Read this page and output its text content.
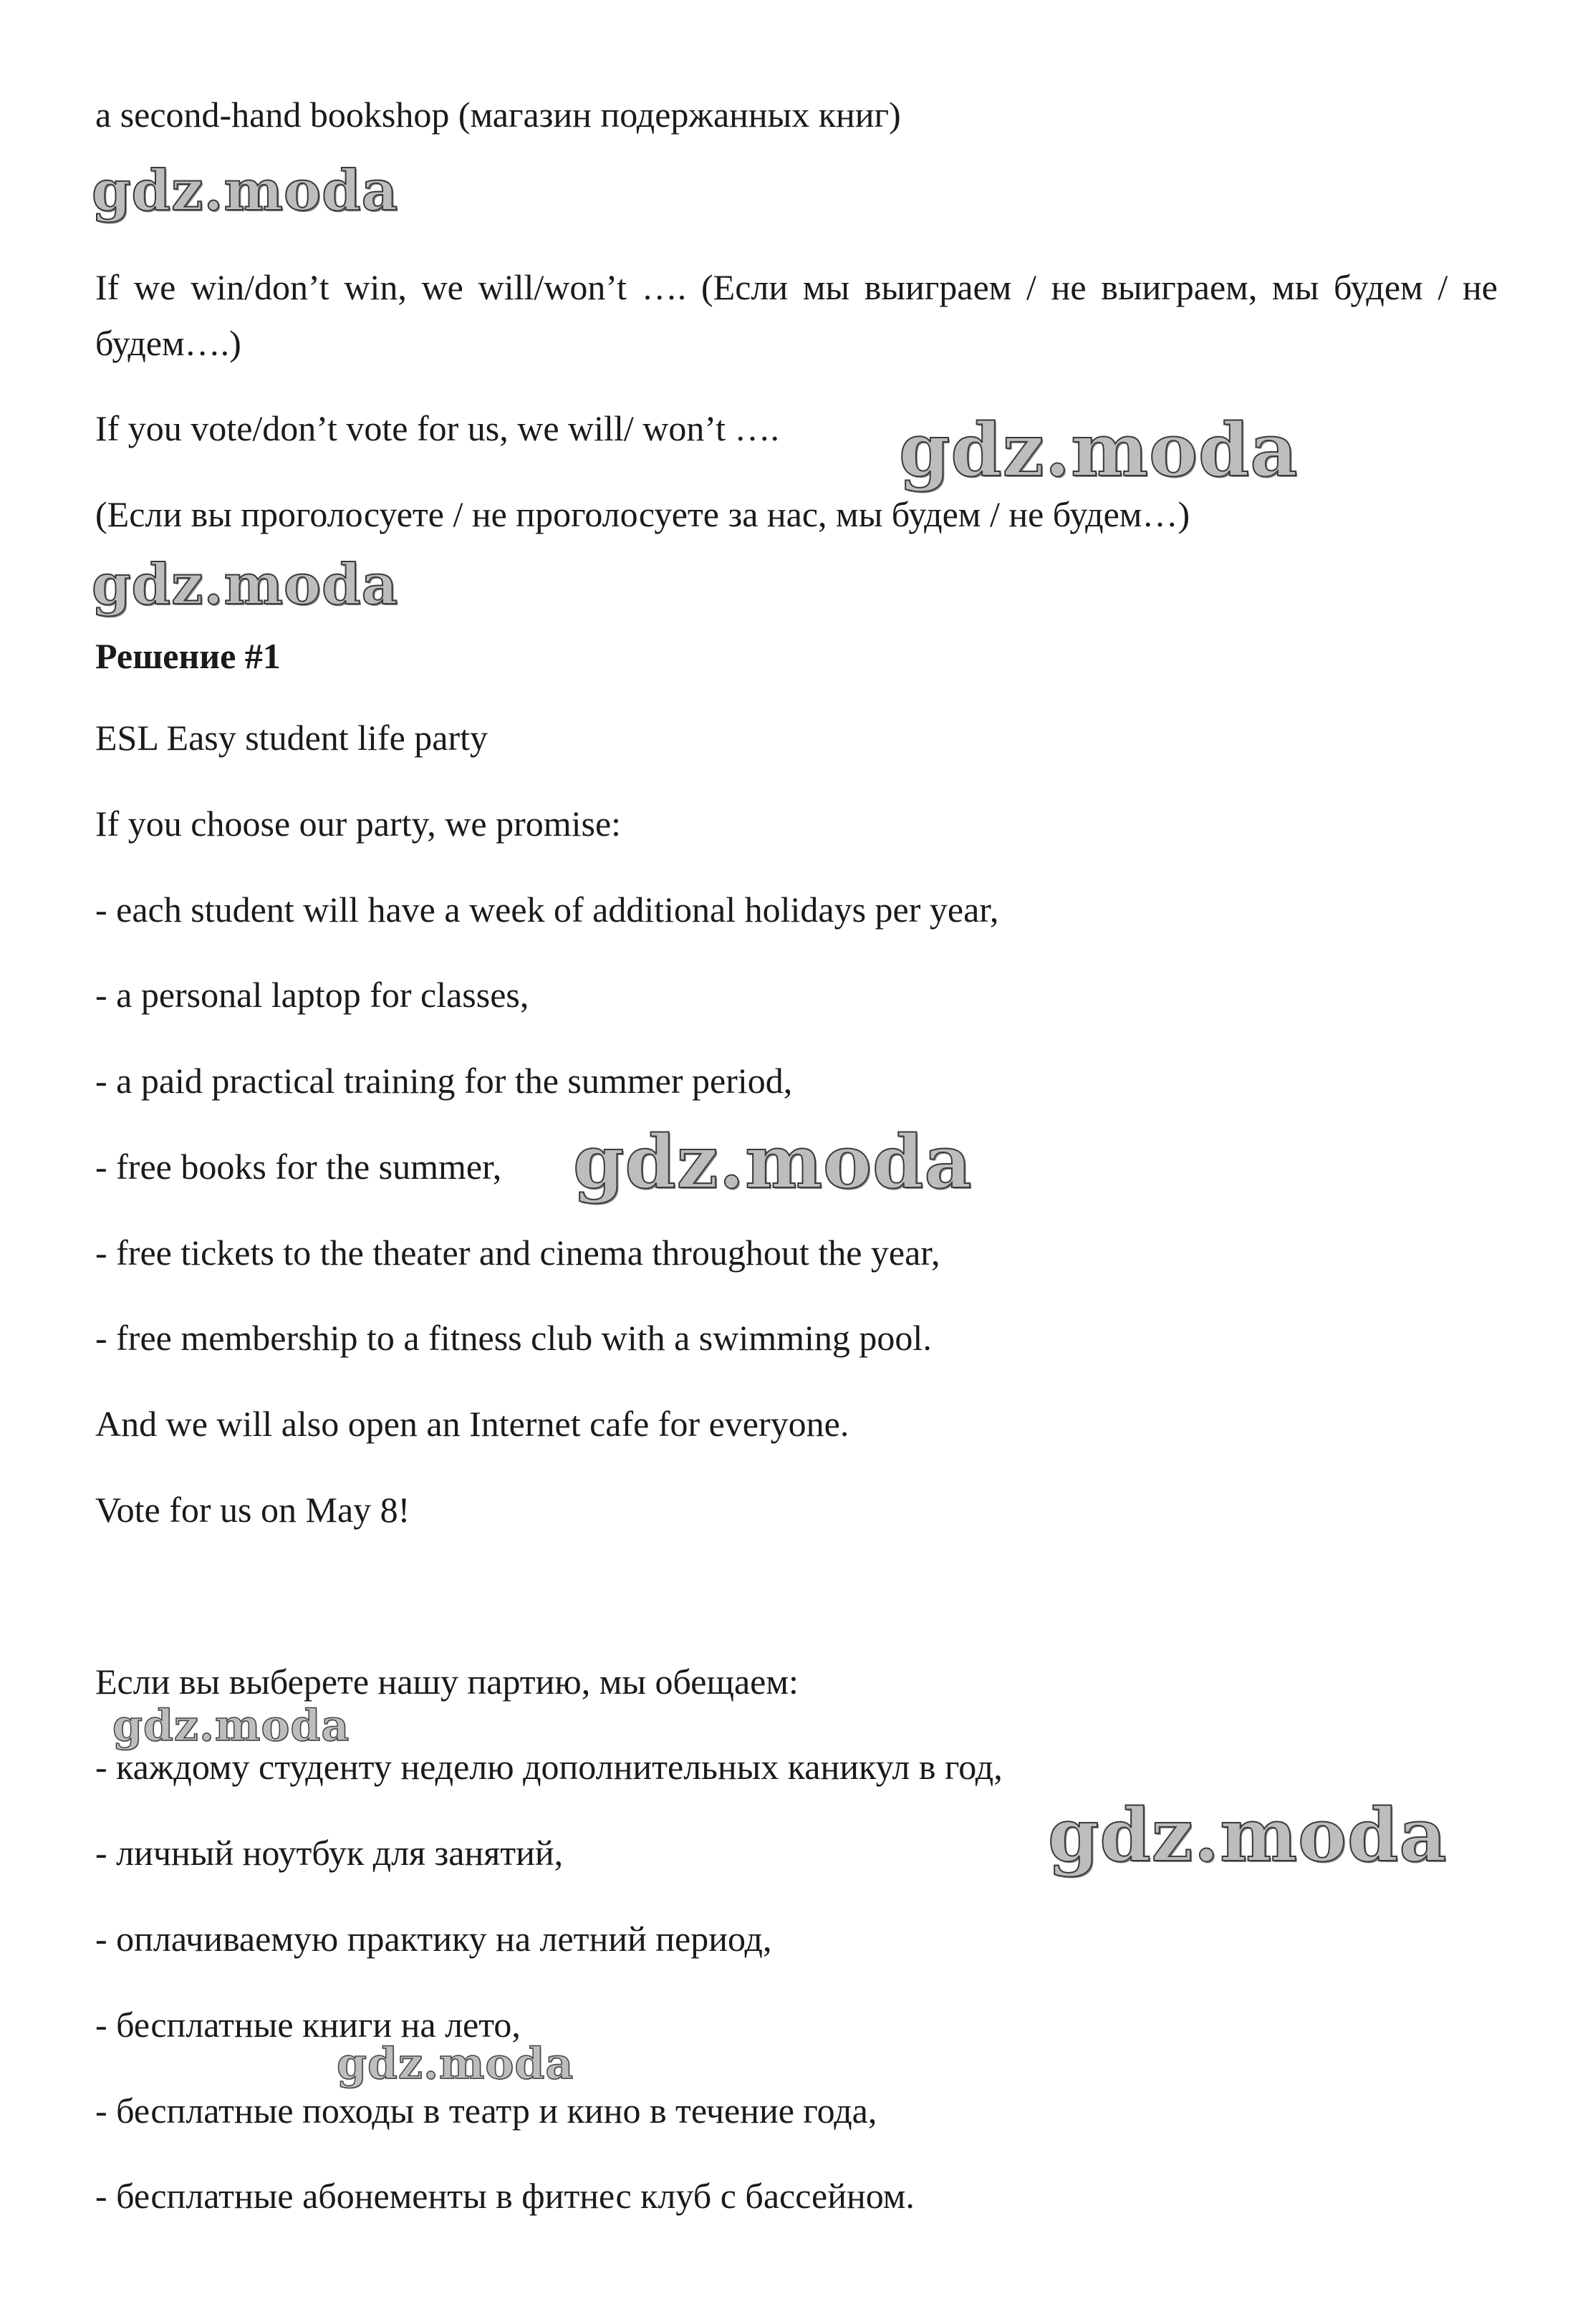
a second-hand bookshop (магазин подержанных книг)

gdz.moda

If we win/don’t win, we will/won’t …. (Если мы выиграем / не выиграем, мы будем / не будем….)

If you vote/don’t vote for us, we will/ won’t …. gdz.moda

(Если вы проголосуете / не проголосуете за нас, мы будем / не будем…)

gdz.moda

Решение #1

ESL Easy student life party

If you choose our party, we promise:

- each student will have a week of additional holidays per year,

- a personal laptop for classes,

- a paid practical training for the summer period,

- free books for the summer, gdz.moda

- free tickets to the theater and cinema throughout the year,

- free membership to a fitness club with a swimming pool.

And we will also open an Internet cafe for everyone.

Vote for us on May 8!

Если вы выберете нашу партию, мы обещаем:

gdz.moda

- каждому студенту неделю дополнительных каникул в год,

- личный ноутбук для занятий,	gdz.moda

- оплачиваемую практику на летний период,

- бесплатные книги на лето,

gdz.moda

- бесплатные походы в театр и кино в течение года,

- бесплатные абонементы в фитнес клуб с бассейном.
